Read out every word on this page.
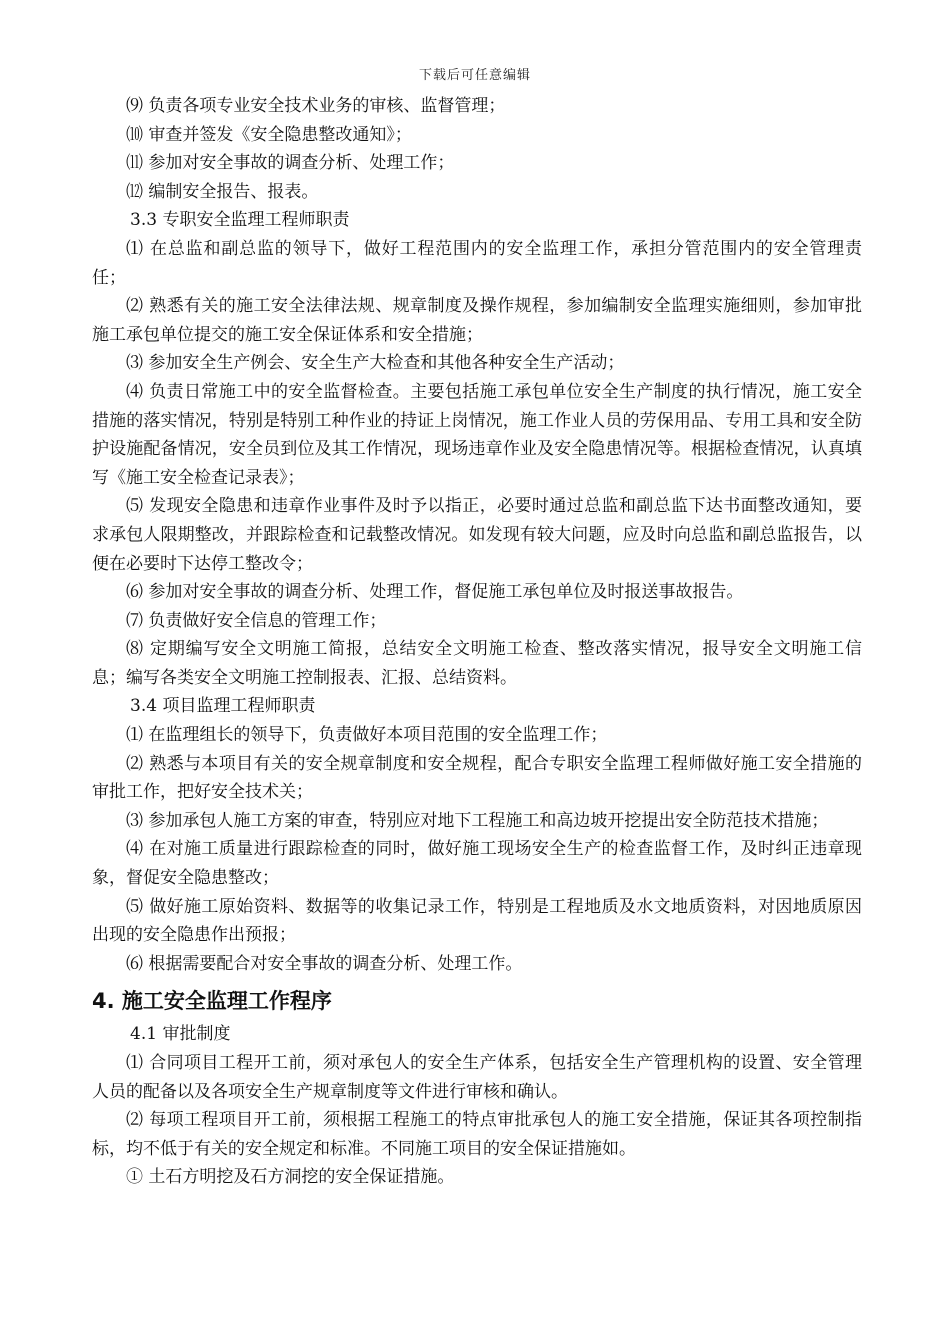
下载后可任意编辑

⑼ 负责各项专业安全技术业务的审核、监督管理；

⑽ 审查并签发《安全隐患整改通知》；

⑾ 参加对安全事故的调查分析、处理工作；

⑿ 编制安全报告、报表。

3.3 专职安全监理工程师职责

⑴ 在总监和副总监的领导下，做好工程范围内的安全监理工作，承担分管范围内的安全管理责任；

⑵ 熟悉有关的施工安全法律法规、规章制度及操作规程，参加编制安全监理实施细则，参加审批施工承包单位提交的施工安全保证体系和安全措施；

⑶ 参加安全生产例会、安全生产大检查和其他各种安全生产活动；

⑷ 负责日常施工中的安全监督检查。主要包括施工承包单位安全生产制度的执行情况，施工安全措施的落实情况，特别是特别工种作业的持证上岗情况，施工作业人员的劳保用品、专用工具和安全防护设施配备情况，安全员到位及其工作情况，现场违章作业及安全隐患情况等。根据检查情况，认真填写《施工安全检查记录表》；

⑸ 发现安全隐患和违章作业事件及时予以指正，必要时通过总监和副总监下达书面整改通知，要求承包人限期整改，并跟踪检查和记载整改情况。如发现有较大问题，应及时向总监和副总监报告，以便在必要时下达停工整改令；

⑹ 参加对安全事故的调查分析、处理工作，督促施工承包单位及时报送事故报告。

⑺ 负责做好安全信息的管理工作；

⑻ 定期编写安全文明施工简报，总结安全文明施工检查、整改落实情况，报导安全文明施工信息；编写各类安全文明施工控制报表、汇报、总结资料。

3.4 项目监理工程师职责

⑴ 在监理组长的领导下，负责做好本项目范围的安全监理工作；

⑵ 熟悉与本项目有关的安全规章制度和安全规程，配合专职安全监理工程师做好施工安全措施的审批工作，把好安全技术关；

⑶ 参加承包人施工方案的审查，特别应对地下工程施工和高边坡开挖提出安全防范技术措施；

⑷ 在对施工质量进行跟踪检查的同时，做好施工现场安全生产的检查监督工作，及时纠正违章现象，督促安全隐患整改；

⑸ 做好施工原始资料、数据等的收集记录工作，特别是工程地质及水文地质资料，对因地质原因出现的安全隐患作出预报；

⑹ 根据需要配合对安全事故的调查分析、处理工作。

4. 施工安全监理工作程序

4.1 审批制度

⑴ 合同项目工程开工前，须对承包人的安全生产体系，包括安全生产管理机构的设置、安全管理人员的配备以及各项安全生产规章制度等文件进行审核和确认。

⑵ 每项工程项目开工前，须根据工程施工的特点审批承包人的施工安全措施，保证其各项控制指标，均不低于有关的安全规定和标准。不同施工项目的安全保证措施如。

① 土石方明挖及石方洞挖的安全保证措施。
